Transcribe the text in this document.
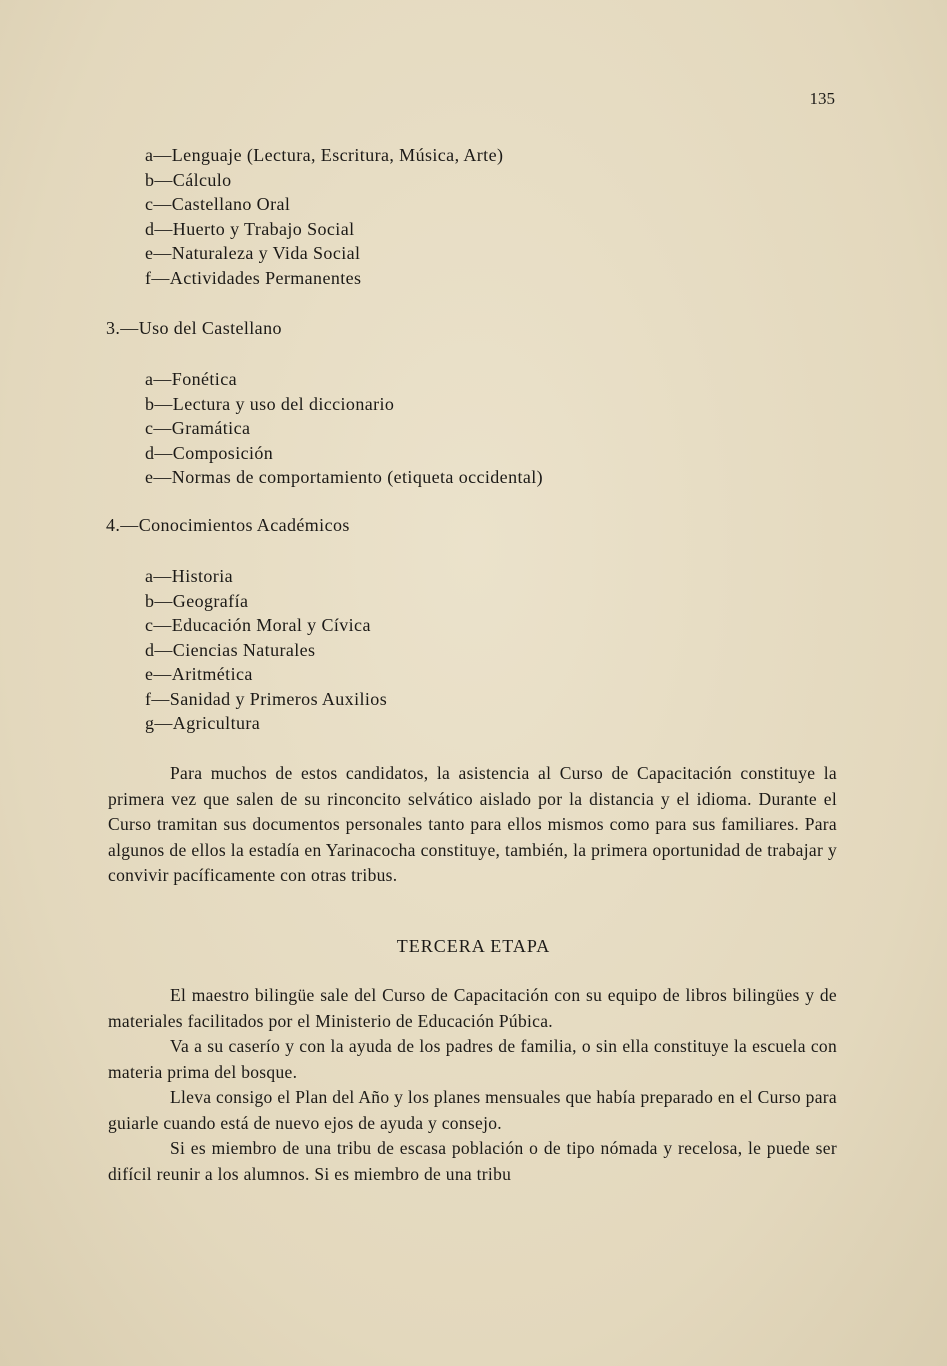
135
a—Lenguaje (Lectura, Escritura, Música, Arte)
b—Cálculo
c—Castellano Oral
d—Huerto y Trabajo Social
e—Naturaleza y Vida Social
f—Actividades Permanentes
3.—Uso del Castellano
a—Fonética
b—Lectura y uso del diccionario
c—Gramática
d—Composición
e—Normas de comportamiento (etiqueta occidental)
4.—Conocimientos Académicos
a—Historia
b—Geografía
c—Educación Moral y Cívica
d—Ciencias Naturales
e—Aritmética
f—Sanidad y Primeros Auxilios
g—Agricultura

Para muchos de estos candidatos, la asistencia al Curso de Capacitación constituye la primera vez que salen de su rinconcito selvático aislado por la distancia y el idioma. Durante el Curso tramitan sus documentos personales tanto para ellos mismos como para sus familiares. Para algunos de ellos la estadía en Yarinacocha constituye, también, la primera oportunidad de trabajar y convivir pacíficamente con otras tribus.

TERCERA ETAPA

El maestro bilingüe sale del Curso de Capacitación con su equipo de libros bilingües y de materiales facilitados por el Ministerio de Educación Púbica.

Va a su caserío y con la ayuda de los padres de familia, o sin ella constituye la escuela con materia prima del bosque.

Lleva consigo el Plan del Año y los planes mensuales que había preparado en el Curso para guiarle cuando está de nuevo ejos de ayuda y consejo.

Si es miembro de una tribu de escasa población o de tipo nómada y recelosa, le puede ser difícil reunir a los alumnos. Si es miembro de una tribu
